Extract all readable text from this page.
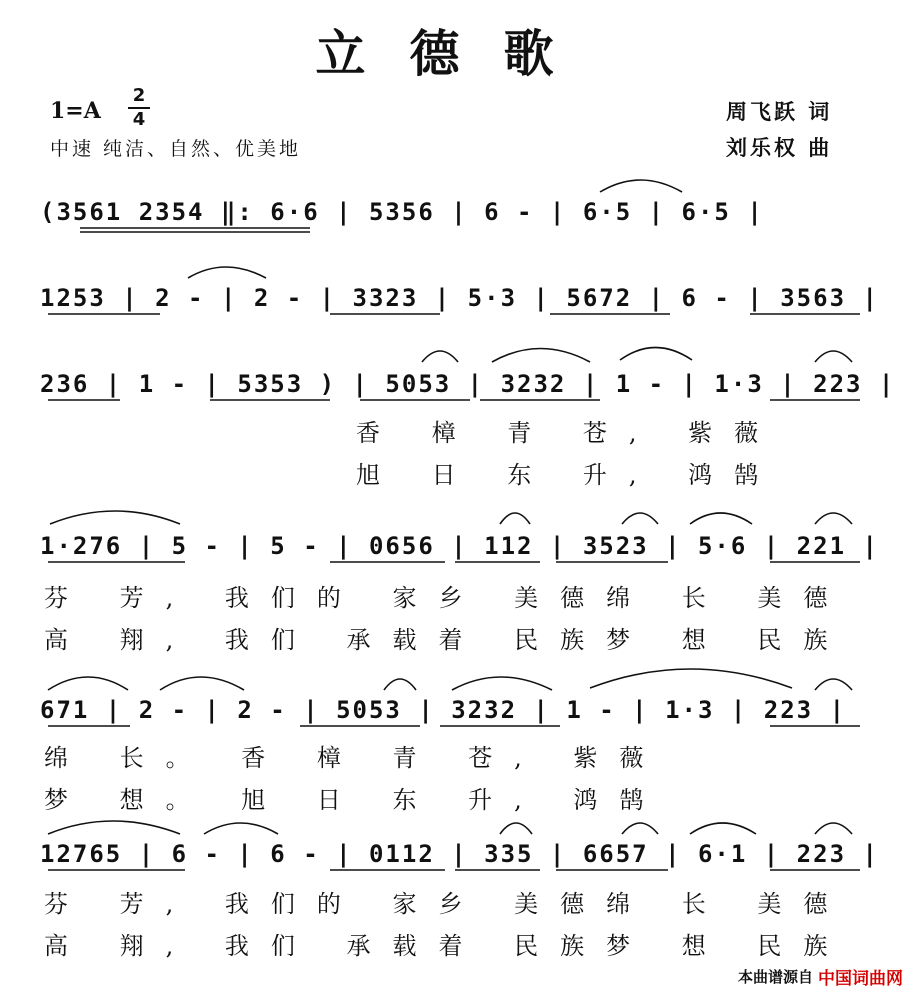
立德歌
1=A
2
4
中速 纯洁、自然、优美地
周飞跃 词
刘乐权 曲
(3561 2354 ‖: 6·6 | 5356 | 6 - | 6·5 | 6·5 |
1253 | 2 - | 2 - | 3323 | 5·3 | 5672 | 6 - | 3563 |
236 | 1 - | 5353 ) | 5053 | 3232 | 1 - | 1·3 | 223 |
香 樟 青 苍, 紫薇
旭 日 东 升, 鸿鹄
1·276 | 5 - | 5 - | 0656 | 112 | 3523 | 5·6 | 221 |
芬 芳, 我们的 家乡 美德绵 长 美德
高 翔, 我们 承载着 民族梦 想 民族
671 | 2 - | 2 - | 5053 | 3232 | 1 - | 1·3 | 223 |
绵 长。 香 樟 青 苍, 紫薇
梦 想。 旭 日 东 升, 鸿鹄
12765 | 6 - | 6 - | 0112 | 335 | 6657 | 6·1 | 223 |
芬 芳, 我们的 家乡 美德绵 长 美德
高 翔, 我们 承载着 民族梦 想 民族
本曲谱源自 中国词曲网
